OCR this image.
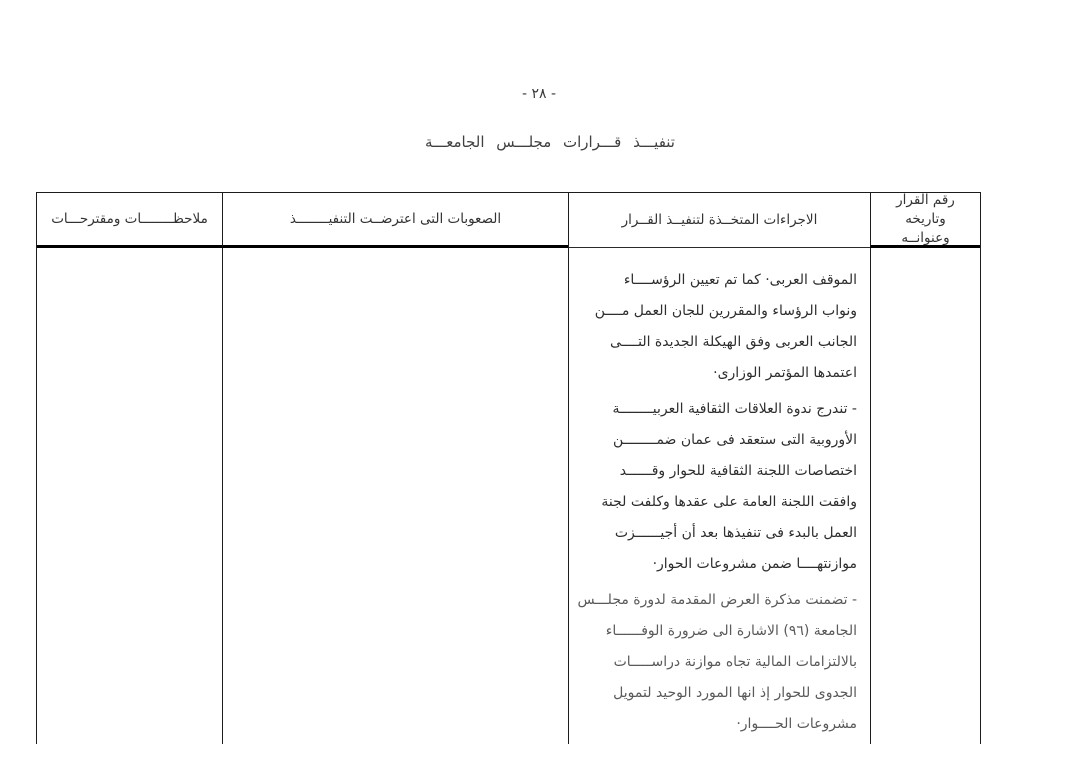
- ٢٨ -
تنفيـــذ قـــرارات مجلـــس الجامعـــة
رقم القرار وتاريخه
وعنوانــه
الاجراءات المتخــذة لتنفيــذ القــرار
الصعوبات التى اعترضــت التنفيــــــــذ
ملاحظــــــــات ومقترحـــات
الموقف العربى· كما تم تعيين الرؤســــاء
ونواب الرؤساء والمقررين للجان العمل مــــن
الجانب العربى وفق الهيكلة الجديدة التــــى
اعتمدها المؤتمر الوزارى·
- تندرج ندوة العلاقات الثقافية العربيــــــــة
الأوروبية التى ستعقد فى عمان ضمــــــــن
اختصاصات اللجنة الثقافية للحوار وقــــــد
وافقت اللجنة العامة على عقدها وكلفت لجنة
العمل بالبدء فى تنفيذها بعد أن أجيــــــزت
موازنتهــــا ضمن مشروعات الحوار·
- تضمنت مذكرة العرض المقدمة لدورة مجلـــس
الجامعة (٩٦) الاشارة الى ضرورة الوفــــــاء
بالالتزامات المالية تجاه موازنة دراســـــات
الجدوى للحوار إذ انها المورد الوحيد لتمويل
مشروعات الحــــوار·
